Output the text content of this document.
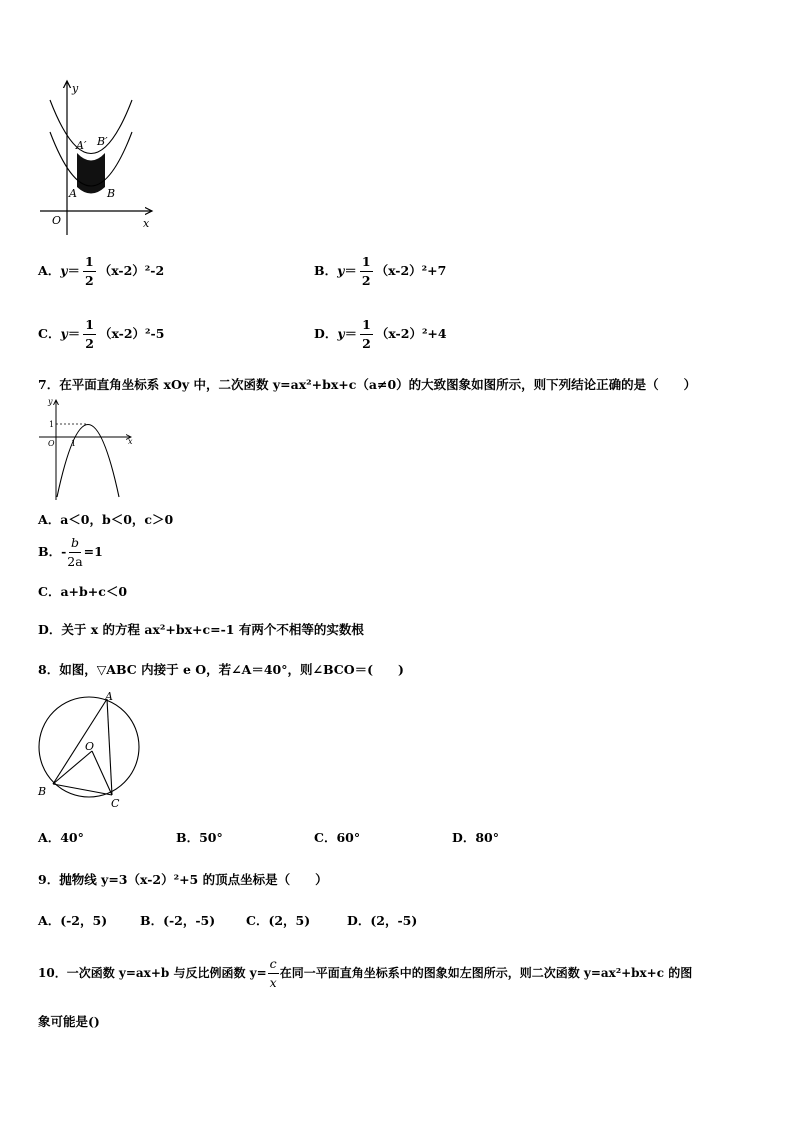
y
x
O
A	B
A′ B′
A．$y= \frac{1}{2} (x-2)^2-2$	B．$y= \frac{1}{2} (x-2)^2+7$
C．$y= \frac{1}{2} (x-2)^2-5$	D．$y= \frac{1}{2} (x-2)^2+4$
7．在平面直角坐标系 xOy 中，二次函数 y=ax²+bx+c（a≠0）的大致图象如图所示，则下列结论正确的是（　　）
y
x
O 1
1
A．a＜0，b＜0，c＞0
B．- $\frac{b}{2a} =1$
C．a+b+c＜0
D．关于 x 的方程 ax²+bx+c=-1 有两个不相等的实数根
8．如图，▽ABC 内接于 e O，若∠A＝40°，则∠BCO＝(　　)
A
B
C
O
A．40°	B．50°	C．60°	D．80°
9．抛物线 y=3（x-2）²+5 的顶点坐标是（　　）
A．(-2，5)	B．(-2，-5) C．(2，5)	D．(2，-5)
10．一次函数 y=ax+b 与反比例函数 $y= \frac{c}{x}$ 在同一平面直角坐标系中的图象如左图所示，则二次函数 y=ax²+bx+c 的图
象可能是()
